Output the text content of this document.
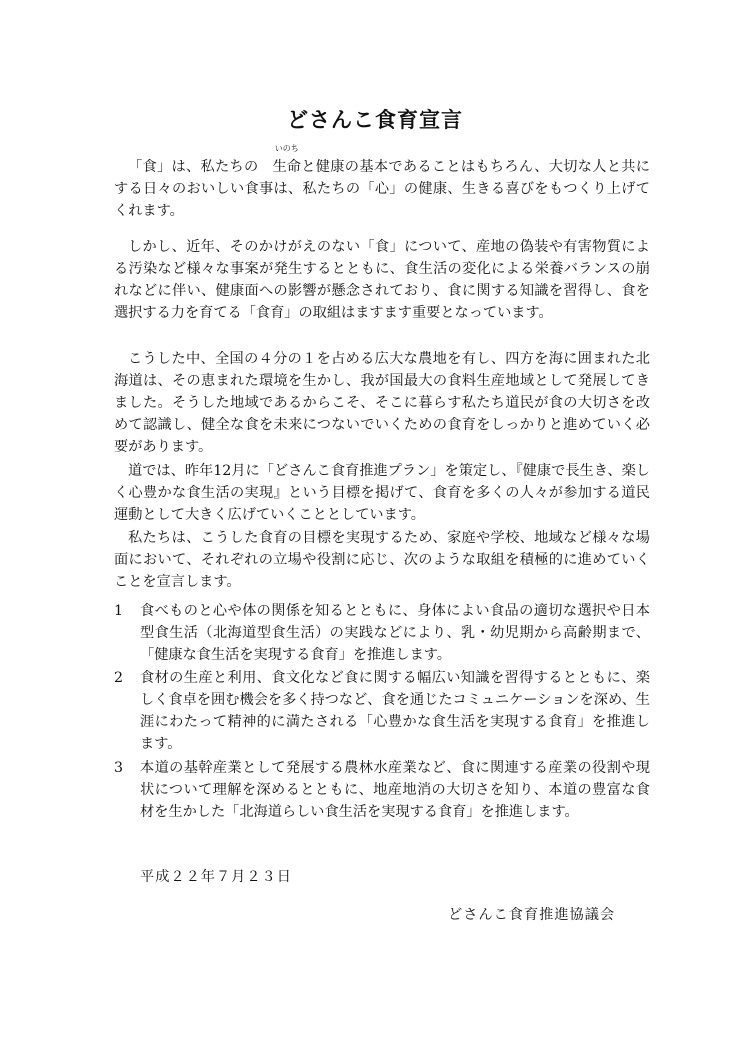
どさんこ食育宣言

「食」は、私たちの 生命
いのち
と健康の基本であることはもちろん、大切な人と共にする日々のおいしい食事は、私たちの「心」の健康、生きる喜びをもつくり上げてくれます。

しかし、近年、そのかけがえのない「食」について、産地の偽装や有害物質による汚染など様々な事案が発生するとともに、食生活の変化による栄養バランスの崩れなどに伴い、健康面への影響が懸念されており、食に関する知識を習得し、食を選択する力を育てる「食育」の取組はますます重要となっています。

こうした中、全国の４分の１を占める広大な農地を有し、四方を海に囲まれた北海道は、その恵まれた環境を生かし、我が国最大の食料生産地域として発展してきました。そうした地域であるからこそ、そこに暮らす私たち道民が食の大切さを改めて認識し、健全な食を未来につないでいくための食育をしっかりと進めていく必要があります。

道では、昨年12月に「どさんこ食育推進プラン」を策定し、『健康で長生き、楽しく心豊かな食生活の実現』という目標を掲げて、食育を多くの人々が参加する道民運動として大きく広げていくこととしています。

私たちは、こうした食育の目標を実現するため、家庭や学校、地域など様々な場面において、それぞれの立場や役割に応じ、次のような取組を積極的に進めていくことを宣言します。

1	食べものと心や体の関係を知るとともに、身体によい食品の適切な選択や日本型食生活（北海道型食生活）の実践などにより、乳・幼児期から高齢期まで、「健康な食生活を実現する食育」を推進します。
2	食材の生産と利用、食文化など食に関する幅広い知識を習得するとともに、楽しく食卓を囲む機会を多く持つなど、食を通じたコミュニケーションを深め、生涯にわたって精神的に満たされる「心豊かな食生活を実現する食育」を推進します。
3	本道の基幹産業として発展する農林水産業など、食に関連する産業の役割や現状について理解を深めるとともに、地産地消の大切さを知り、本道の豊富な食材を生かした「北海道らしい食生活を実現する食育」を推進します。

平成２２年７月２３日

どさんこ食育推進協議会
